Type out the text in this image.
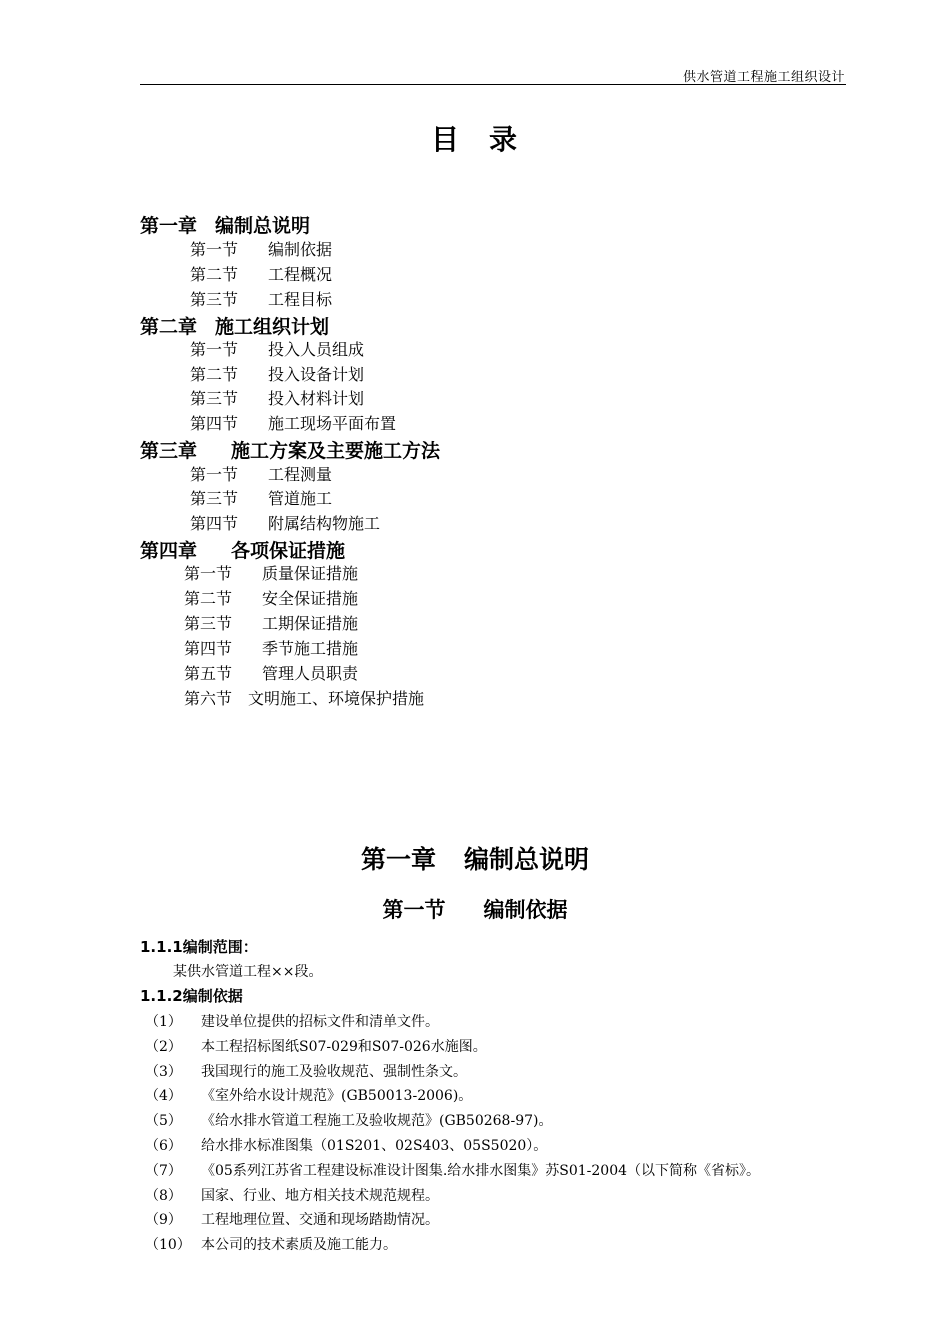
供水管道工程施工组织设计
目 录
第一章 编制总说明
第一节 编制依据
第二节 工程概况
第三节 工程目标
第二章 施工组织计划
第一节 投入人员组成
第二节 投入设备计划
第三节 投入材料计划
第四节 施工现场平面布置
第三章 施工方案及主要施工方法
第一节 工程测量
第三节 管道施工
第四节 附属结构物施工
第四章 各项保证措施
第一节 质量保证措施
第二节 安全保证措施
第三节 工期保证措施
第四节 季节施工措施
第五节 管理人员职责
第六节 文明施工、环境保护措施
第一章 编制总说明
第一节 编制依据
1.1.1编制范围：
某供水管道工程××段。
1.1.2编制依据
（1） 建设单位提供的招标文件和清单文件。
（2） 本工程招标图纸S07-029和S07-026水施图。
（3） 我国现行的施工及验收规范、强制性条文。
（4） 《室外给水设计规范》(GB50013-2006)。
（5） 《给水排水管道工程施工及验收规范》(GB50268-97)。
（6） 给水排水标准图集（01S201、02S403、05S5020）。
（7） 《05系列江苏省工程建设标准设计图集.给水排水图集》苏S01-2004（以下简称《省标》。
（8） 国家、行业、地方相关技术规范规程。
（9） 工程地理位置、交通和现场踏勘情况。
（10） 本公司的技术素质及施工能力。
